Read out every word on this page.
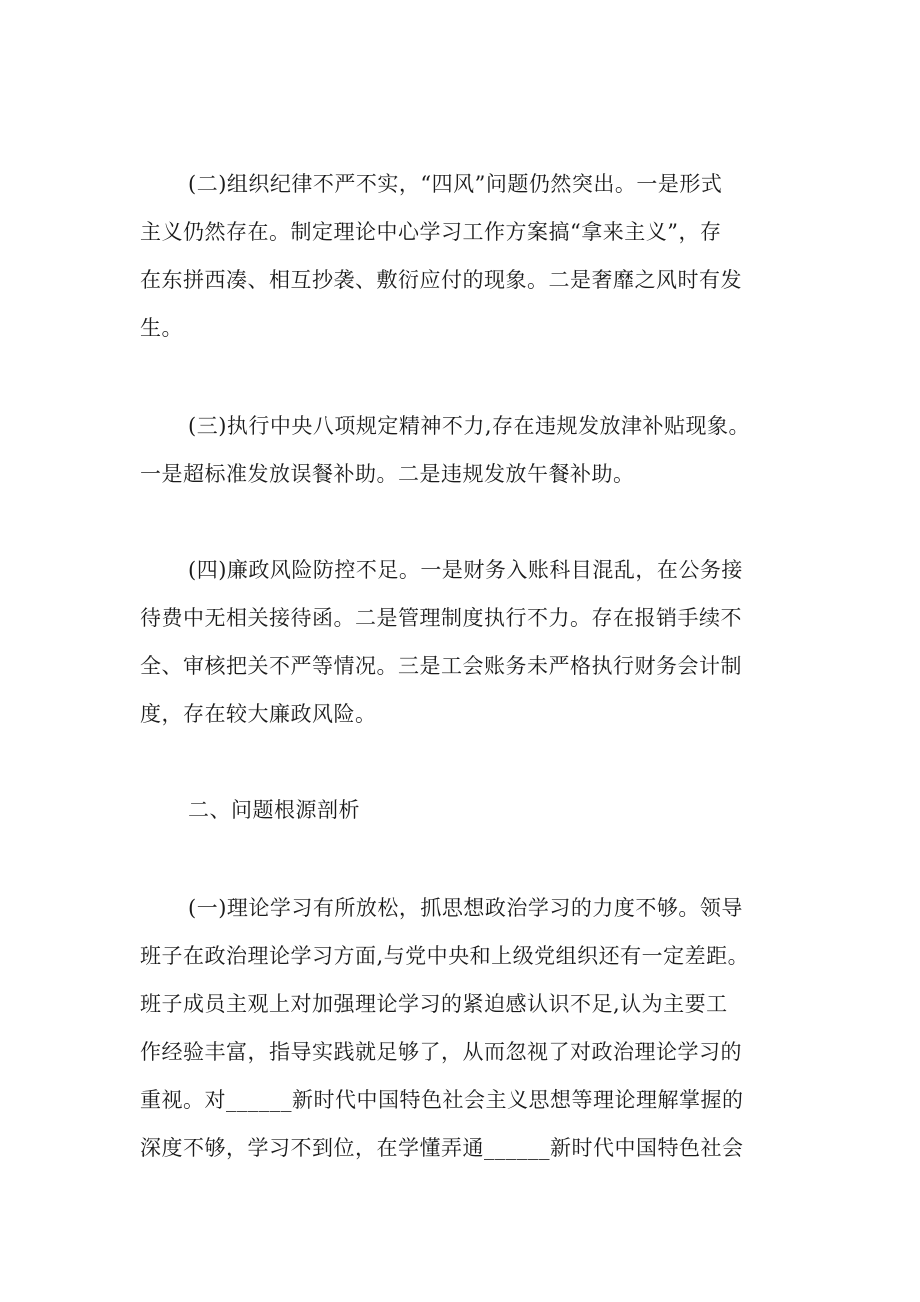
(二)组织纪律不严不实，“四风”问题仍然突出。一是形式
主义仍然存在。制定理论中心学习工作方案搞“拿来主义”，存
在东拼西凑、相互抄袭、敷衍应付的现象。二是奢靡之风时有发
生。
(三)执行中央八项规定精神不力,存在违规发放津补贴现象。
一是超标准发放误餐补助。二是违规发放午餐补助。
(四)廉政风险防控不足。一是财务入账科目混乱，在公务接
待费中无相关接待函。二是管理制度执行不力。存在报销手续不
全、审核把关不严等情况。三是工会账务未严格执行财务会计制
度，存在较大廉政风险。
二、问题根源剖析
(一)理论学习有所放松，抓思想政治学习的力度不够。领导
班子在政治理论学习方面,与党中央和上级党组织还有一定差距。
班子成员主观上对加强理论学习的紧迫感认识不足,认为主要工
作经验丰富，指导实践就足够了，从而忽视了对政治理论学习的
重视。对______新时代中国特色社会主义思想等理论理解掌握的
深度不够，学习不到位，在学懂弄通______新时代中国特色社会
